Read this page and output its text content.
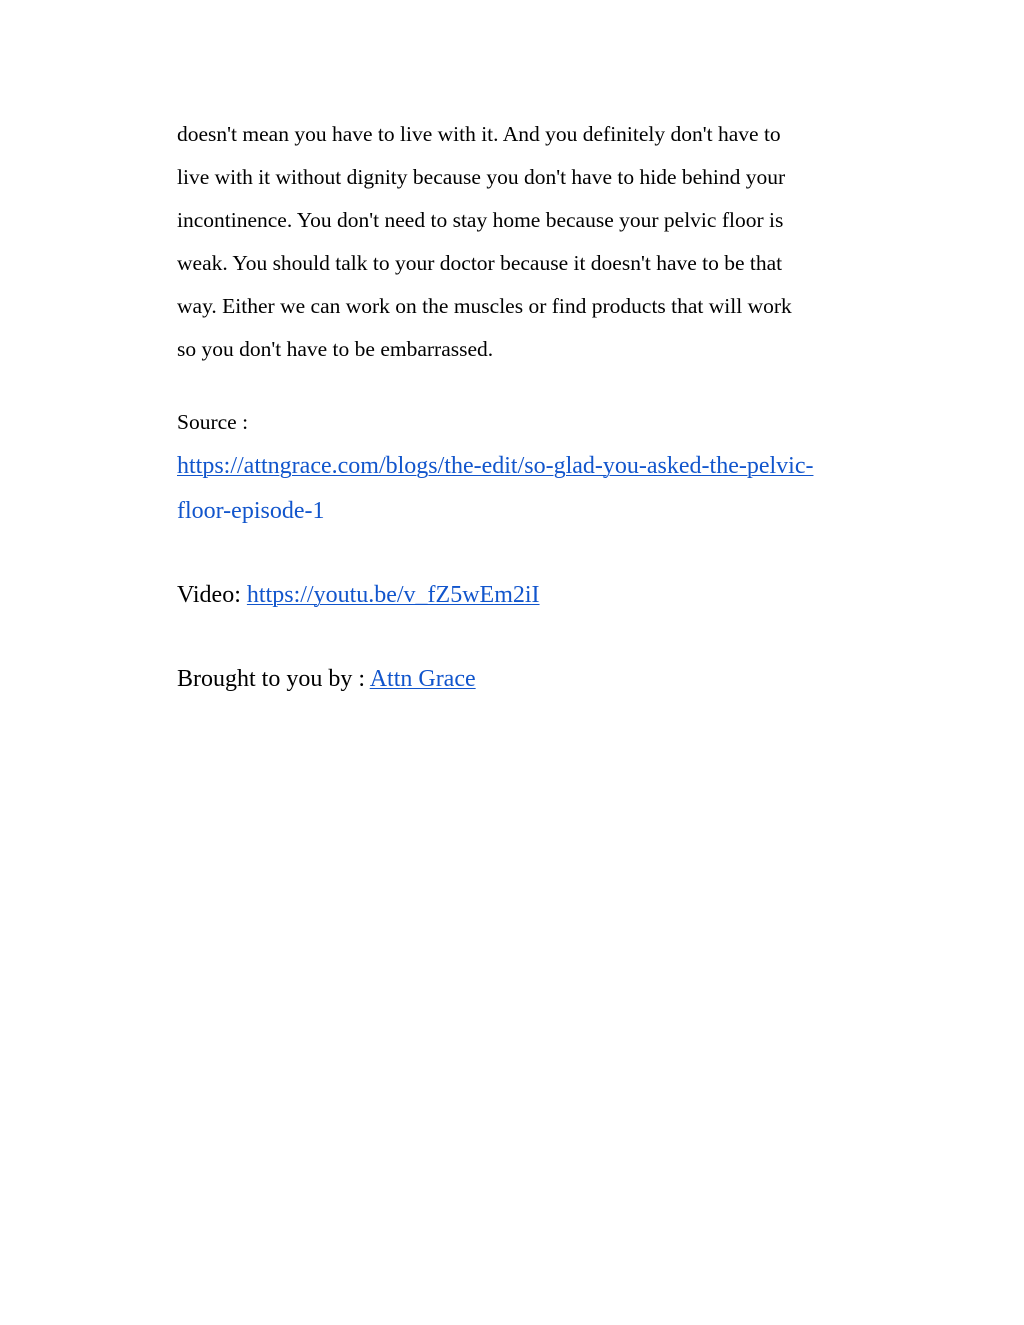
doesn't mean you have to live with it. And you definitely don't have to

live with it without dignity because you don't have to hide behind your

incontinence. You don't need to stay home because your pelvic floor is

weak. You should talk to your doctor because it doesn't have to be that

way. Either we can work on the muscles or find products that will work

so you don't have to be embarrassed.

Source :

https://attngrace.com/blogs/the-edit/so-glad-you-asked-the-pelvic-
floor-episode-1
Video: https://youtu.be/v_fZ5wEm2iI
Brought to you by : Attn Grace
